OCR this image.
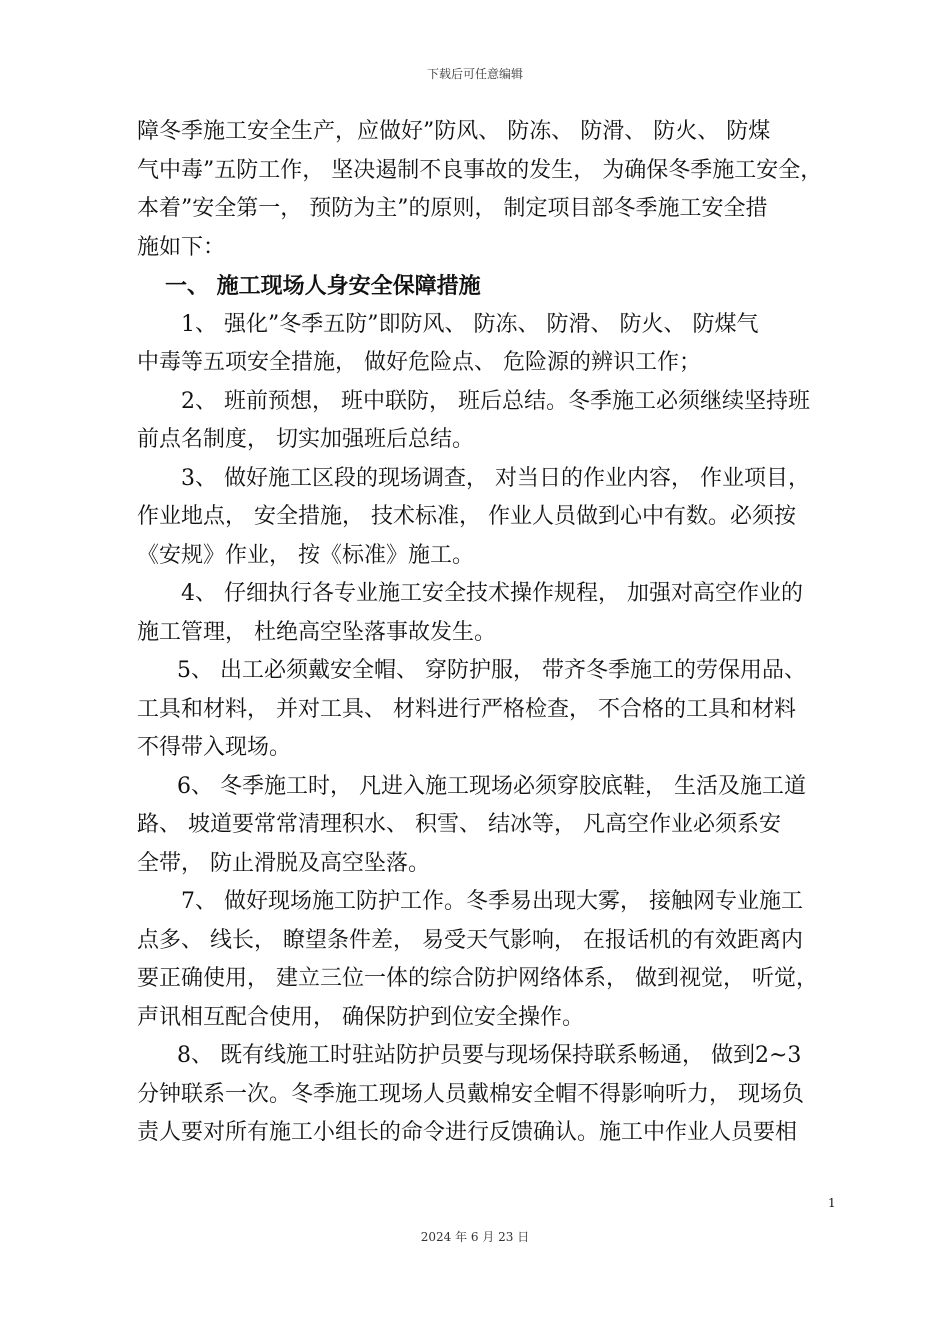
下载后可任意编辑
障冬季施工安全生产，应做好”防风、 防冻、 防滑、 防火、 防煤
气中毒”五防工作， 坚决遏制不良事故的发生， 为确保冬季施工安全，
本着”安全第一， 预防为主”的原则， 制定项目部冬季施工安全措
施如下：
一、 施工现场人身安全保障措施
1、 强化”冬季五防”即防风、 防冻、 防滑、 防火、 防煤气
中毒等五项安全措施， 做好危险点、 危险源的辨识工作；
2、 班前预想， 班中联防， 班后总结。冬季施工必须继续坚持班
前点名制度， 切实加强班后总结。
3、 做好施工区段的现场调查， 对当日的作业内容， 作业项目，
作业地点， 安全措施， 技术标准， 作业人员做到心中有数。必须按
《安规》作业， 按《标准》施工。
4、 仔细执行各专业施工安全技术操作规程， 加强对高空作业的
施工管理， 杜绝高空坠落事故发生。
5、 出工必须戴安全帽、 穿防护服， 带齐冬季施工的劳保用品、
工具和材料， 并对工具、 材料进行严格检查， 不合格的工具和材料
不得带入现场。
6、 冬季施工时， 凡进入施工现场必须穿胶底鞋， 生活及施工道
路、 坡道要常常清理积水、 积雪、 结冰等， 凡高空作业必须系安
全带， 防止滑脱及高空坠落。
7、 做好现场施工防护工作。冬季易出现大雾， 接触网专业施工
点多、 线长， 瞭望条件差， 易受天气影响， 在报话机的有效距离内
要正确使用， 建立三位一体的综合防护网络体系， 做到视觉， 听觉，
声讯相互配合使用， 确保防护到位安全操作。
8、 既有线施工时驻站防护员要与现场保持联系畅通， 做到2~3
分钟联系一次。冬季施工现场人员戴棉安全帽不得影响听力， 现场负
责人要对所有施工小组长的命令进行反馈确认。施工中作业人员要相
1
2024 年 6 月 23 日
